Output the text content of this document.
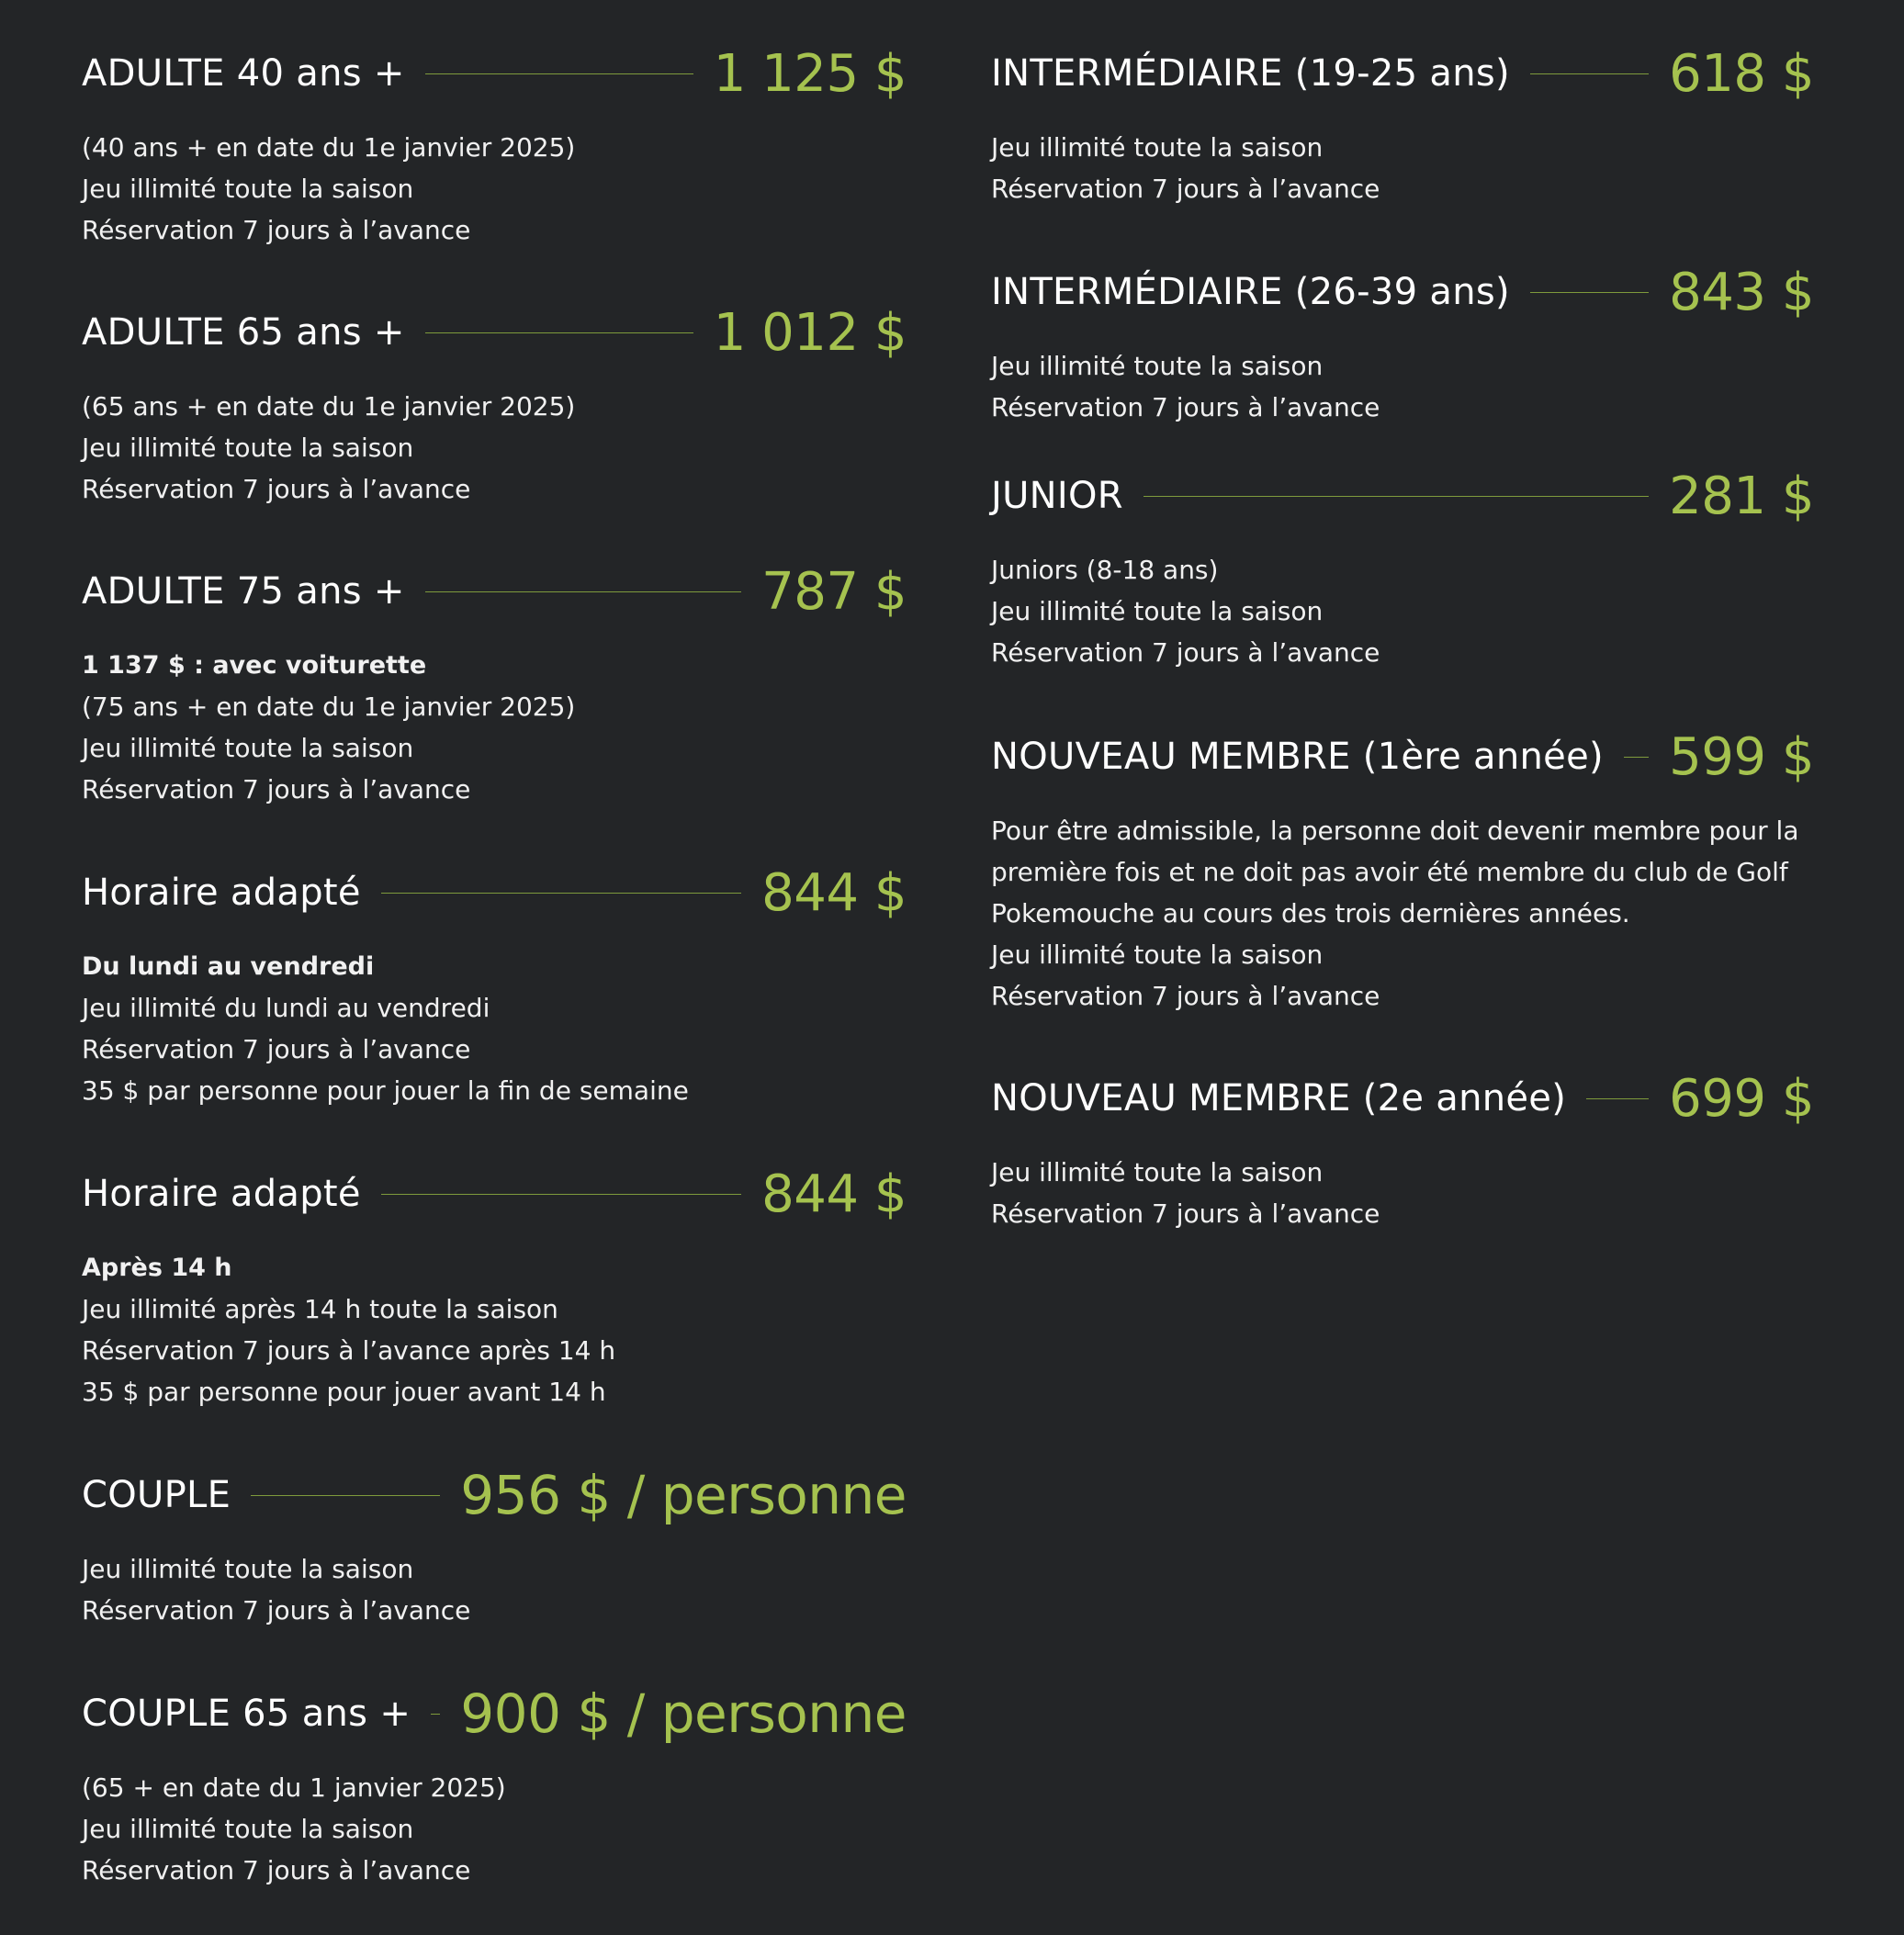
ADULTE 40 ans +	1 125 $
(40 ans + en date du 1e janvier 2025)
Jeu illimité toute la saison
Réservation 7 jours à l’avance
ADULTE 65 ans +	1 012 $
(65 ans + en date du 1e janvier 2025)
Jeu illimité toute la saison
Réservation 7 jours à l’avance
ADULTE 75 ans +	787 $
1 137 $ : avec voiturette
(75 ans + en date du 1e janvier 2025)
Jeu illimité toute la saison
Réservation 7 jours à l’avance
Horaire adapté	844 $
Du lundi au vendredi
Jeu illimité du lundi au vendredi
Réservation 7 jours à l’avance
35 $ par personne pour jouer la fin de semaine
Horaire adapté	844 $
Après 14 h
Jeu illimité après 14 h toute la saison
Réservation 7 jours à l’avance après 14 h
35 $ par personne pour jouer avant 14 h
COUPLE	956 $ / personne
Jeu illimité toute la saison
Réservation 7 jours à l’avance
COUPLE 65 ans + 900 $ / personne
(65 + en date du 1 janvier 2025)
Jeu illimité toute la saison
Réservation 7 jours à l’avance
INTERMÉDIAIRE (19-25 ans)	618 $
Jeu illimité toute la saison
Réservation 7 jours à l’avance
INTERMÉDIAIRE (26-39 ans)	843 $
Jeu illimité toute la saison
Réservation 7 jours à l’avance
JUNIOR	281 $
Juniors (8-18 ans)
Jeu illimité toute la saison
Réservation 7 jours à l’avance
NOUVEAU MEMBRE (1ère année) 599 $
Pour être admissible, la personne doit devenir membre pour la
première fois et ne doit pas avoir été membre du club de Golf
Pokemouche au cours des trois dernières années.
Jeu illimité toute la saison
Réservation 7 jours à l’avance
NOUVEAU MEMBRE (2e année) 699 $
Jeu illimité toute la saison
Réservation 7 jours à l’avance
